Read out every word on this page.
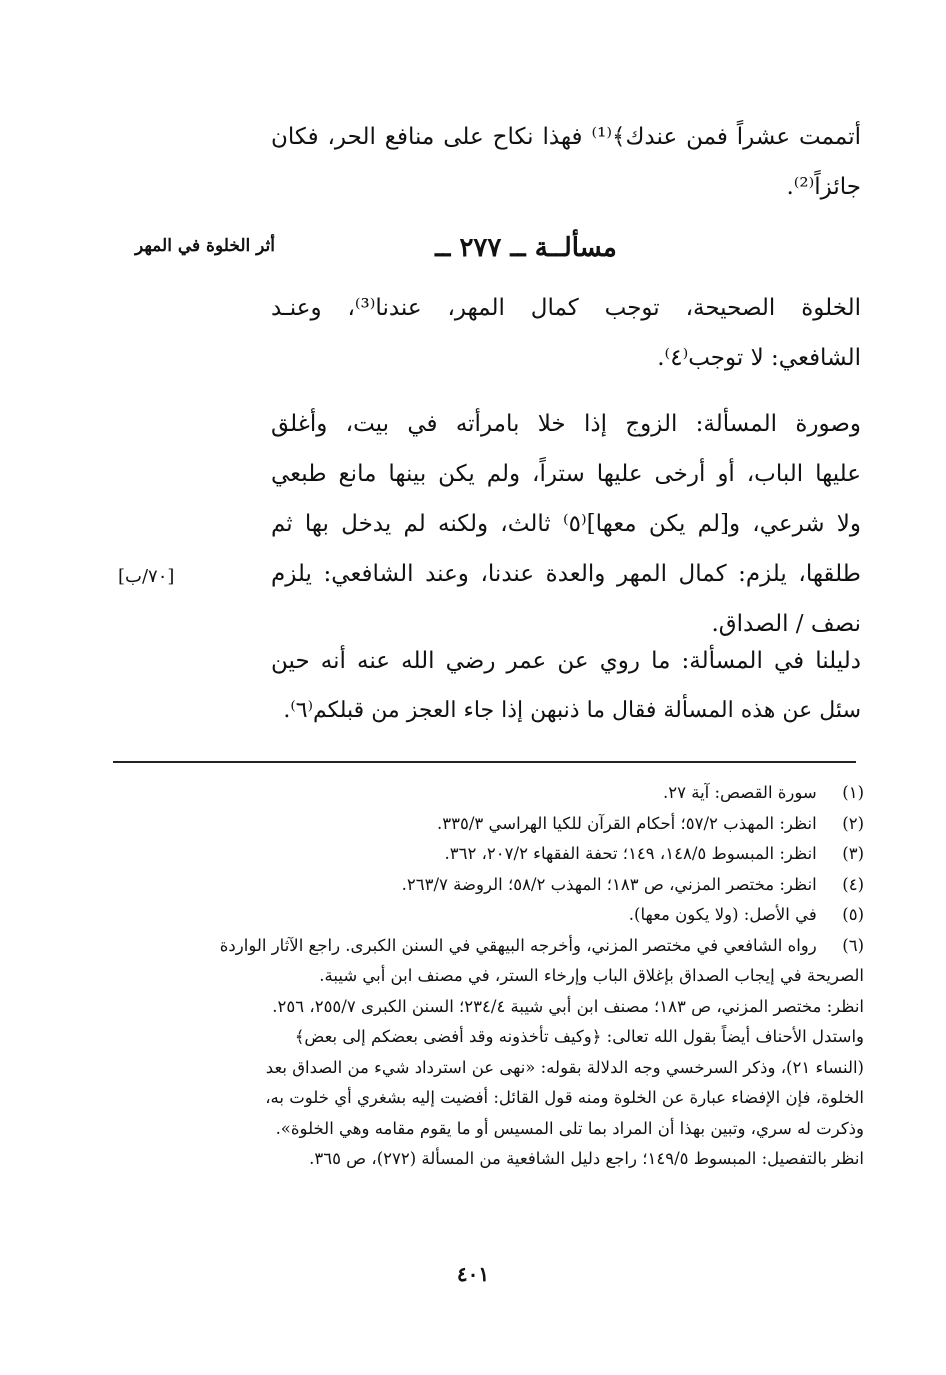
أتممت عشراً فمن عندك﴾⁽¹⁾ فهذا نكاح على منافع الحر، فكان
جائزاً⁽²⁾.
مسألــة ــ ٢٧٧ ــ
أثر الخلوة في المهر
الخلوة الصحيحة، توجب كمال المهر، عندنا⁽³⁾، وعنـد
الشافعي: لا توجب⁽٤⁾.
وصورة المسألة: الزوج إذا خلا بامرأته في بيت، وأغلق
عليها الباب، أو أرخى عليها ستراً، ولم يكن بينها مانع طبعي
ولا شرعي، و[لم يكن معها]⁽٥⁾ ثالث، ولكنه لم يدخل بها ثم
طلقها، يلزم: كمال المهر والعدة عندنا، وعند الشافعي: يلزم
نصف / الصداق.
[٧٠/ب]
دليلنا في المسألة: ما روي عن عمر رضي الله عنه أنه حين
سئل عن هذه المسألة فقال ما ذنبهن إذا جاء العجز من قبلكم⁽٦⁾.
(١) سورة القصص: آية ٢٧.
(٢) انظر: المهذب ٥٧/٢؛ أحكام القرآن للكيا الهراسي ٣٣٥/٣.
(٣) انظر: المبسوط ١٤٨/٥، ١٤٩؛ تحفة الفقهاء ٢٠٧/٢، ٣٦٢.
(٤) انظر: مختصر المزني، ص ١٨٣؛ المهذب ٥٨/٢؛ الروضة ٢٦٣/٧.
(٥) في الأصل: (ولا يكون معها).
(٦) رواه الشافعي في مختصر المزني، وأخرجه البيهقي في السنن الكبرى. راجع الآثار الواردة
الصريحة في إيجاب الصداق بإغلاق الباب وإرخاء الستر، في مصنف ابن أبي شيبة.
انظر: مختصر المزني، ص ١٨٣؛ مصنف ابن أبي شيبة ٢٣٤/٤؛ السنن الكبرى ٢٥٥/٧، ٢٥٦.
واستدل الأحناف أيضاً بقول الله تعالى: ﴿وكيف تأخذونه وقد أفضى بعضكم إلى بعض﴾
(النساء ٢١)، وذكر السرخسي وجه الدلالة بقوله: «نهى عن استرداد شيء من الصداق بعد
الخلوة، فإن الإفضاء عبارة عن الخلوة ومنه قول القائل: أفضيت إليه بشغري أي خلوت به،
وذكرت له سري، وتبين بهذا أن المراد بما تلى المسيس أو ما يقوم مقامه وهي الخلوة».
انظر بالتفصيل: المبسوط ١٤٩/٥؛ راجع دليل الشافعية من المسألة (٢٧٢)، ص ٣٦٥.
٤٠١
